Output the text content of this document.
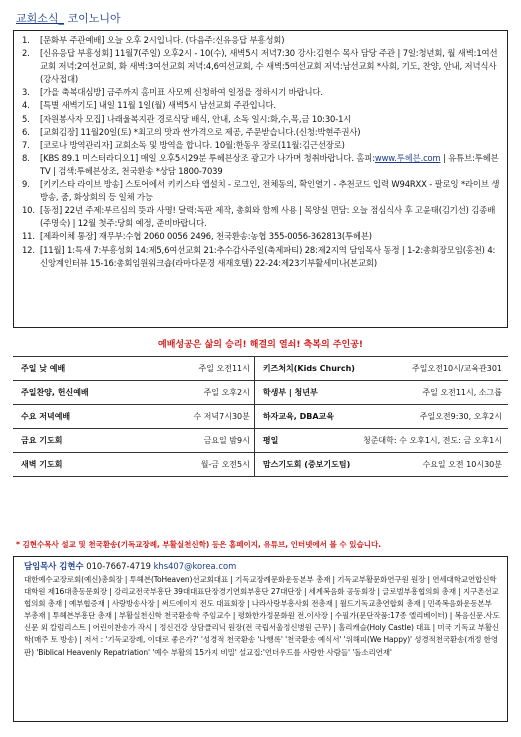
교회소식_ 코이노니아
1. [문화부 주관예배] 오늘 오후 2시입니다. (다음주:신유응답 부흥성회)
2. [신유응답 부흥성회] 11월7(주일) 오후2시 - 10(수), 새벽5시 저녁7:30 강사:김현수 목사 담당 주관 | 7일:청년회, 월 새벽:1여선교회 저녁:2여선교회, 화 새벽:3여선교회 저녁:4,6여선교회, 수 새벽:5여선교회 저녁:남선교회 *사회, 기도, 찬양, 안내, 저녁식사(강사접대)
3. [가을 축복대심방] 금주까지 홈미표 사모께 신청하여 일정을 정하시기 바랍니다.
4. [특별 새벽기도] 내일 11월 1일(월) 새벽5시 남선교회 주관입니다.
5. [자원봉사자 모집] 나래울복지관 경로식당 배식, 안내, 소독 일시:화,수,목,금 10:30-1시
6. [교회김장] 11월20일(토) *최고의 맛과 싼가격으로 제공, 주문받습니다.(신청:박현주권사)
7. [코로나 방역관리자] 교회소독 및 방역을 합니다. 10월:한동우 장로(11월:김근선장로)
8. [KBS 89.1 미스터라디오1] 매일 오후5시29분 투헤븐상조 광고가 나가며 청취바랍니다. 홈피:www.투헤븐.com | 유튜브:투헤븐TV | 검색:투헤븐상조, 천국환송 *상담 1800-7039
9. [키키스타 라이브 방송] 스토어에서 키키스타 앱설치 - 로그인, 전체동의, 확인열기 - 추천코드 입력 W94RXX - 팔로잉 *라이브 생방송, 줌, 화상회의 등 일체 가능
10. [동정] 22년 주제:부르심의 뜻과 사명! 달력:독판 제작, 총회와 함께 사용 | 목양실 면담: 오늘 점심식사 후 고윤태(김기선) 김종배(주명숙) | 12월 첫주:당회 예정, 준비바랍니다.
11. [제좌이체 통장] 재무부:수협 2060 0056 2496, 천국환송:농협 355-0056-362813(투헤븐)
12. [11월] 1:특새 7:부흥성회 14:제5,6여선교회 21:추수감사주일(축제파티) 28:제2지역 담임목사 동정 | 1-2:총회장모임(홍천) 4:신앙계인터뷰 15-16:총회임원워크숍(라마다문경 새재호텔) 22-24:제23기부활세미나(본교회)
예배성공은 삶의 승리! 해결의 열쇠! 축복의 주인공!
주일 낮 예배	주일 오전11시	키즈처치(Kids Church)	주일오전10시/교육관301
주일찬양, 헌신예배	주일 오후2시	학생부 | 청년부	주일 오전11시, 소그룹
수요 저녁예배	수 저녁7시30분	하자교육, DBA교육	주일오전9:30, 오후2시
금요 기도회	금요일 밤9시	평일	청준대학: 수 오후1시, 전도: 금 오후1시
새벽 기도회	월-금 오전5시	맘스기도회 (중보기도팀)	수요일 오전 10시30분
* 김현수목사 설교 및 천국환송(기독교장례, 부활실천신학) 등은 홈페이지, 유튜브, 인터넷에서 볼 수 있습니다.
담임목사 김현수 010-7667-4719 khs407@korea.com
대한예수교장로회(예신)총회장 | 투헤븐(ToHeaven)선교회대표 | 기독교장례문화운동본부 총재 | 기독교부활문화연구원 원장 | 연세대학교연합신학대학원 제16대총동문회장 | 강리교전국부흥단 39대대표단장경기연회부흥단 27대단장 | 세계복음화 공동회장 | 글로벌부흥협의회 총재 | 지구촌선교협의회 총재 | 예부협증재 | 사랑방송사장 | 써드에이지 전도 대표회장 | 나라사랑부흥사회 전총재 | 월드기독교총연합회 총재 | 민족복음화운동본부 부총재 | 투헤븐부흥단 총재 | 부활실천신학 천국환송학 주임교수 | 평화한가정문화원 전.이사장 | 수필가(문단작품:17종 엘리베이터) | 복음신문.사도신문 외 칼럼리스트 | 어린이찬송가 작시 | 정신건강 상담클리닉 원장(전 국립서울정신병원 근무) | 홀리캐슬(Holy Castle) 대표 | 미국 기독교 부활신학(매주 토 방송) | 저서 : '기독교장례, 이대로 좋은가?' '성경적 천국환송 '나행록' '천국환송 예식서' '위해피(We Happy)' 성경적천국환송(개정 한영판) 'Biblical Heavenly Repatriation' '예수 부활의 15가지 비밀' 설교집:'언더우드를 사랑한 사람들' '돌소리연재'
